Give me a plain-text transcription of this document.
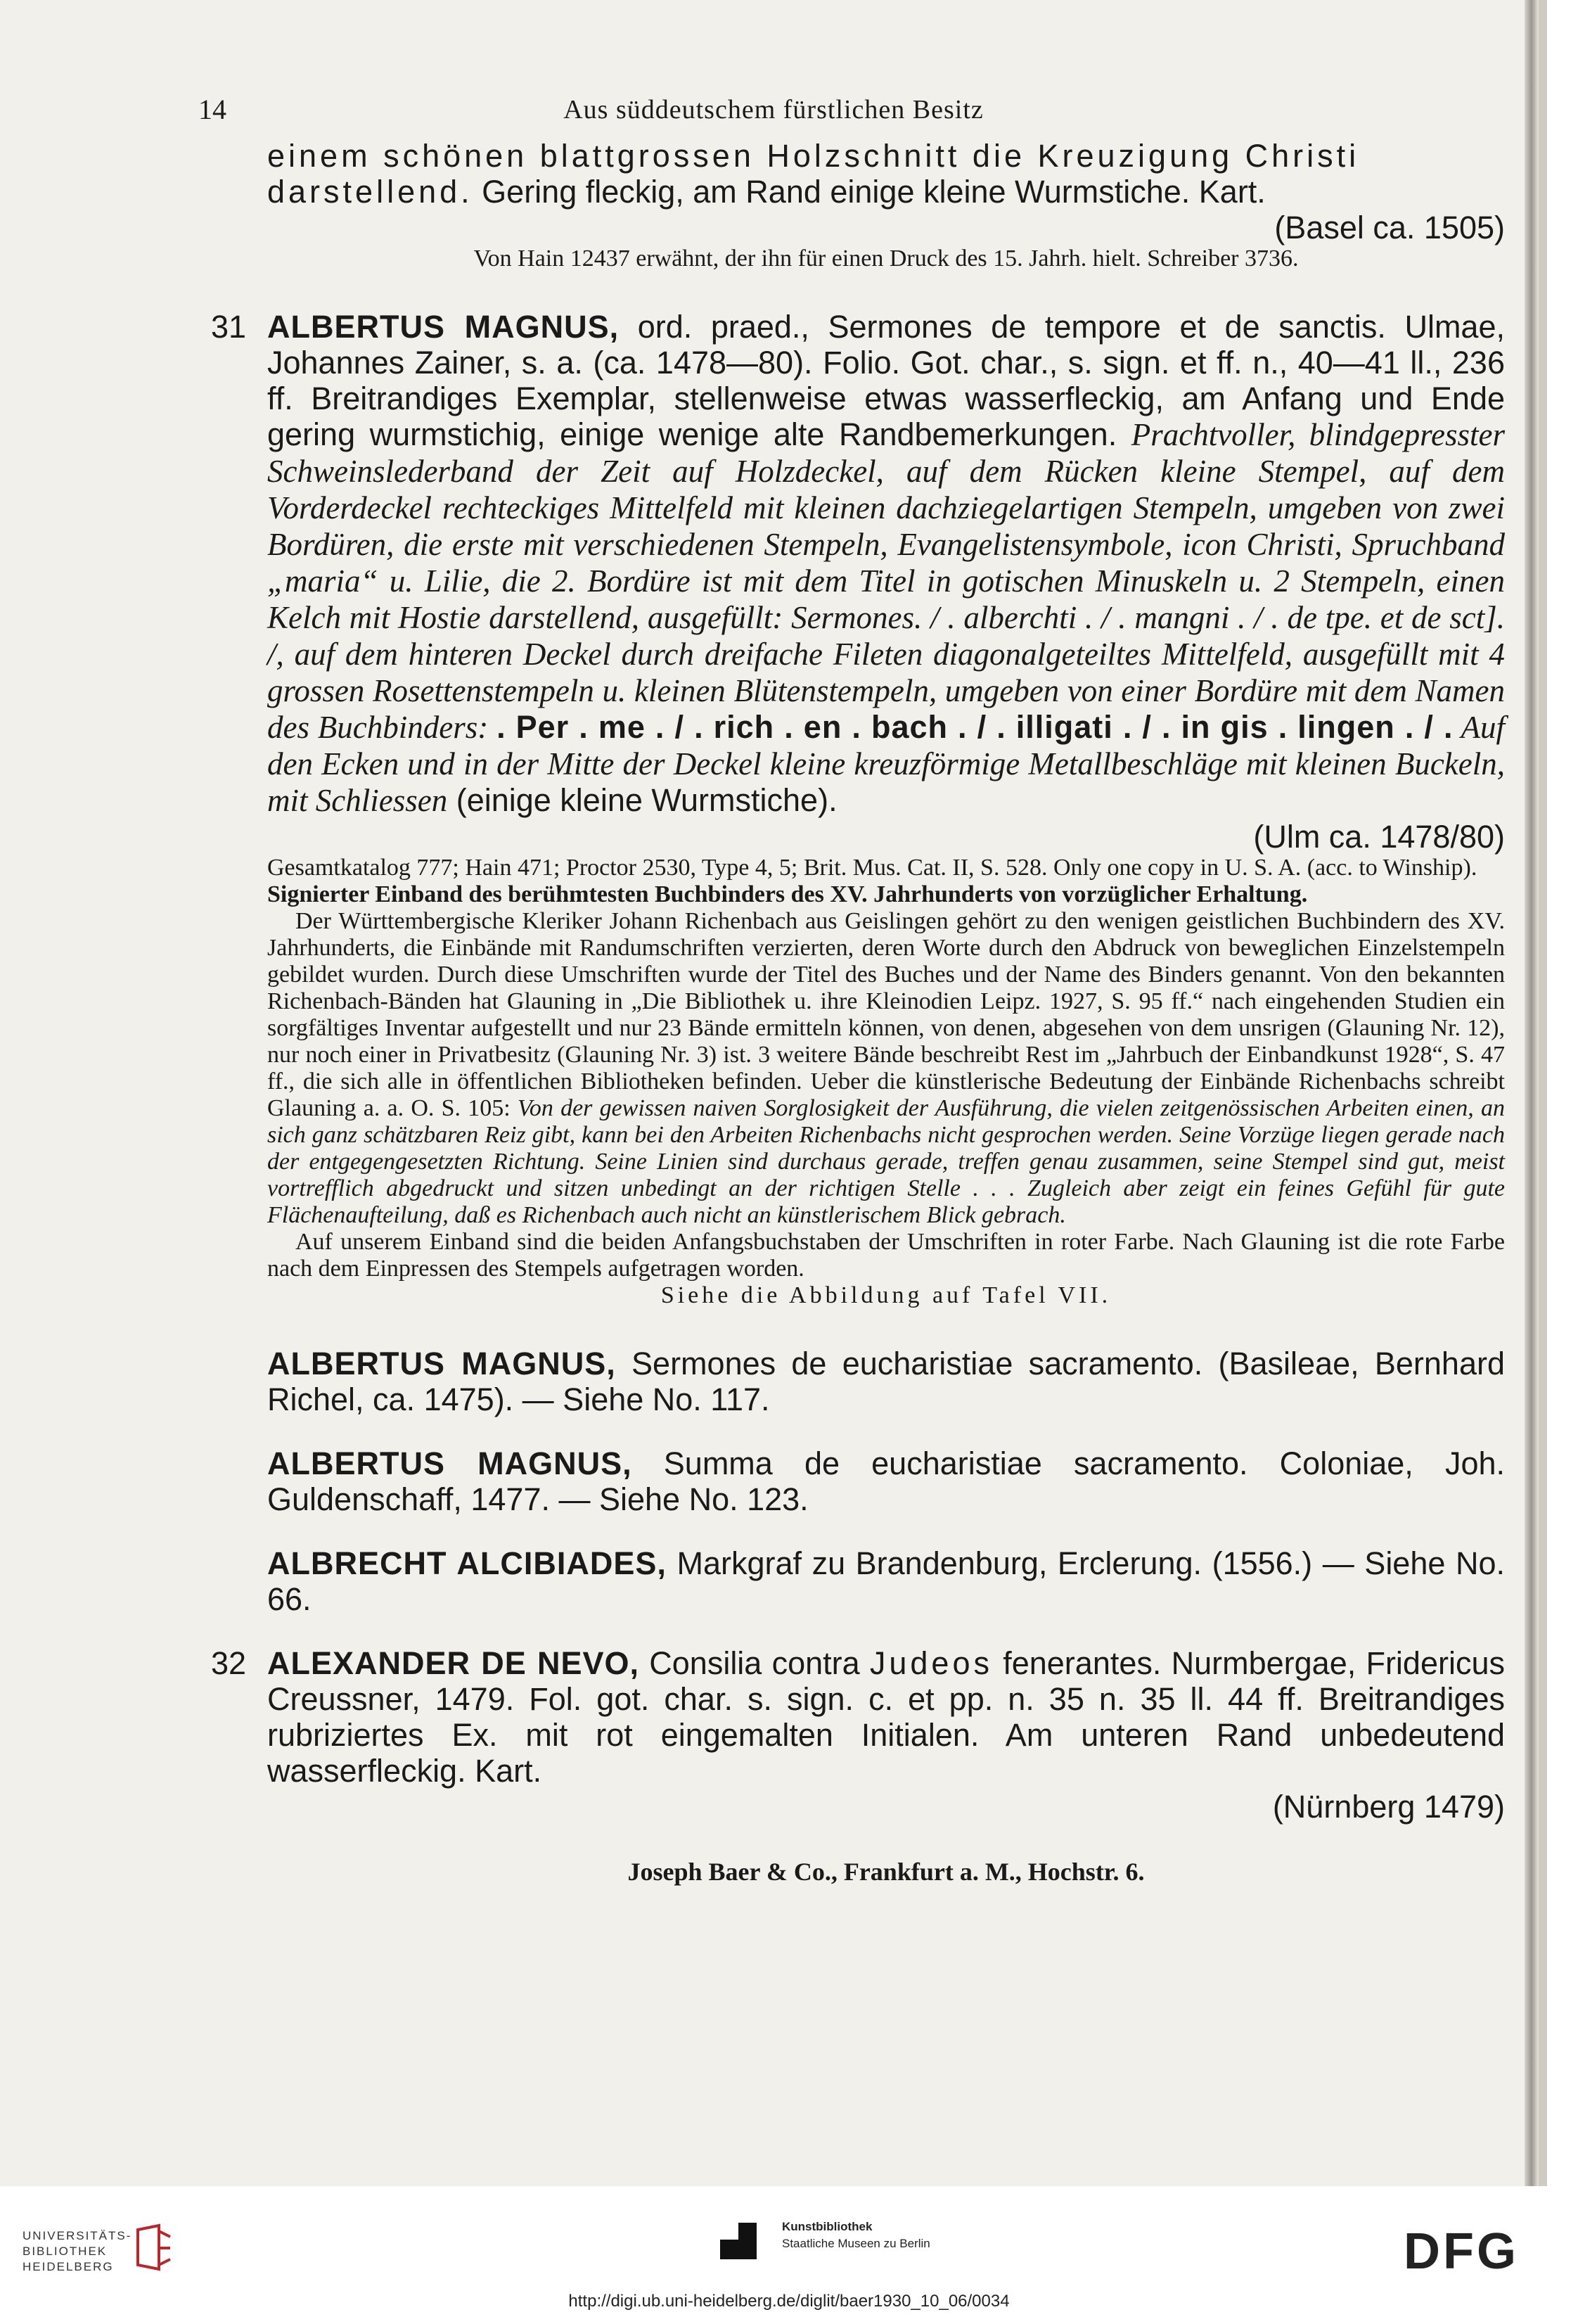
14	Aus süddeutschem fürstlichen Besitz

einem schönen blattgrossen Holzschnitt die Kreuzigung Christi

darstellend. Gering fleckig, am Rand einige kleine Wurmstiche. Kart.

(Basel ca. 1505)

Von Hain 12437 erwähnt, der ihn für einen Druck des 15. Jahrh. hielt. Schreiber 3736.

31 ALBERTUS MAGNUS, ord. praed., Sermones de tempore et de sanctis. Ulmae, Johannes Zainer, s. a. (ca. 1478—80). Folio. Got. char., s. sign. et ff. n., 40—41 ll., 236 ff. Breitrandiges Exemplar, stellenweise etwas wasserfleckig, am Anfang und Ende gering wurmstichig, einige wenige alte Randbemerkungen. Prachtvoller, blindgepresster Schweinslederband der Zeit auf Holzdeckel, auf dem Rücken kleine Stempel, auf dem Vorderdeckel rechteckiges Mittelfeld mit kleinen dachziegelartigen Stempeln, umgeben von zwei Bordüren, die erste mit verschiedenen Stempeln, Evangelistensymbole, icon Christi, Spruchband „maria“ u. Lilie, die 2. Bordüre ist mit dem Titel in gotischen Minuskeln u. 2 Stempeln, einen Kelch mit Hostie darstellend, ausgefüllt: Sermones. / . alberchti . / . mangni . / . de tpe. et de sct]. /, auf dem hinteren Deckel durch dreifache Fileten diagonalgeteiltes Mittelfeld, ausgefüllt mit 4 grossen Rosettenstempeln u. kleinen Blütenstempeln, umgeben von einer Bordüre mit dem Namen des Buchbinders: . Per . me . / . rich . en . bach . / . illigati . / . in gis . lingen . / . Auf den Ecken und in der Mitte der Deckel kleine kreuzförmige Metallbeschläge mit kleinen Buckeln, mit Schliessen (einige kleine Wurmstiche).

(Ulm ca. 1478/80)

Gesamtkatalog 777; Hain 471; Proctor 2530, Type 4, 5; Brit. Mus. Cat. II, S. 528. Only one copy in U. S. A. (acc. to Winship).

Signierter Einband des berühmtesten Buchbinders des XV. Jahrhunderts von vorzüglicher Erhaltung.

Der Württembergische Kleriker Johann Richenbach aus Geislingen gehört zu den wenigen geistlichen Buchbindern des XV. Jahrhunderts, die Einbände mit Randumschriften verzierten, deren Worte durch den Abdruck von beweglichen Einzelstempeln gebildet wurden. Durch diese Umschriften wurde der Titel des Buches und der Name des Binders genannt. Von den bekannten Richenbach-Bänden hat Glauning in „Die Bibliothek u. ihre Kleinodien Leipz. 1927, S. 95 ff.“ nach eingehenden Studien ein sorgfältiges Inventar aufgestellt und nur 23 Bände ermitteln können, von denen, abgesehen von dem unsrigen (Glauning Nr. 12), nur noch einer in Privatbesitz (Glauning Nr. 3) ist. 3 weitere Bände beschreibt Rest im „Jahrbuch der Einbandkunst 1928“, S. 47 ff., die sich alle in öffentlichen Bibliotheken befinden. Ueber die künstlerische Bedeutung der Einbände Richenbachs schreibt Glauning a. a. O. S. 105: Von der gewissen naiven Sorglosigkeit der Ausführung, die vielen zeitgenössischen Arbeiten einen, an sich ganz schätzbaren Reiz gibt, kann bei den Arbeiten Richenbachs nicht gesprochen werden. Seine Vorzüge liegen gerade nach der entgegengesetzten Richtung. Seine Linien sind durchaus gerade, treffen genau zusammen, seine Stempel sind gut, meist vortrefflich abgedruckt und sitzen unbedingt an der richtigen Stelle . . . Zugleich aber zeigt ein feines Gefühl für gute Flächenaufteilung, daß es Richenbach auch nicht an künstlerischem Blick gebrach.

Auf unserem Einband sind die beiden Anfangsbuchstaben der Umschriften in roter Farbe. Nach Glauning ist die rote Farbe nach dem Einpressen des Stempels aufgetragen worden.

Siehe die Abbildung auf Tafel VII.

ALBERTUS MAGNUS, Sermones de eucharistiae sacramento. (Basileae, Bernhard Richel, ca. 1475). — Siehe No. 117.

ALBERTUS MAGNUS, Summa de eucharistiae sacramento. Coloniae, Joh. Guldenschaff, 1477. — Siehe No. 123.

ALBRECHT ALCIBIADES, Markgraf zu Brandenburg, Erclerung. (1556.) — Siehe No. 66.

32 ALEXANDER DE NEVO, Consilia contra Judeos fenerantes. Nurmbergae, Fridericus Creussner, 1479. Fol. got. char. s. sign. c. et pp. n. 35 n. 35 ll. 44 ff. Breitrandiges rubriziertes Ex. mit rot eingemalten Initialen. Am unteren Rand unbedeutend wasserfleckig. Kart.

(Nürnberg 1479)

Joseph Baer & Co., Frankfurt a. M., Hochstr. 6.

UNIVERSITÄTS-
BIBLIOTHEK
HEIDELBERG
Kunstbibliothek
Staatliche Museen zu Berlin	DFG
http://digi.ub.uni-heidelberg.de/diglit/baer1930_10_06/0034
